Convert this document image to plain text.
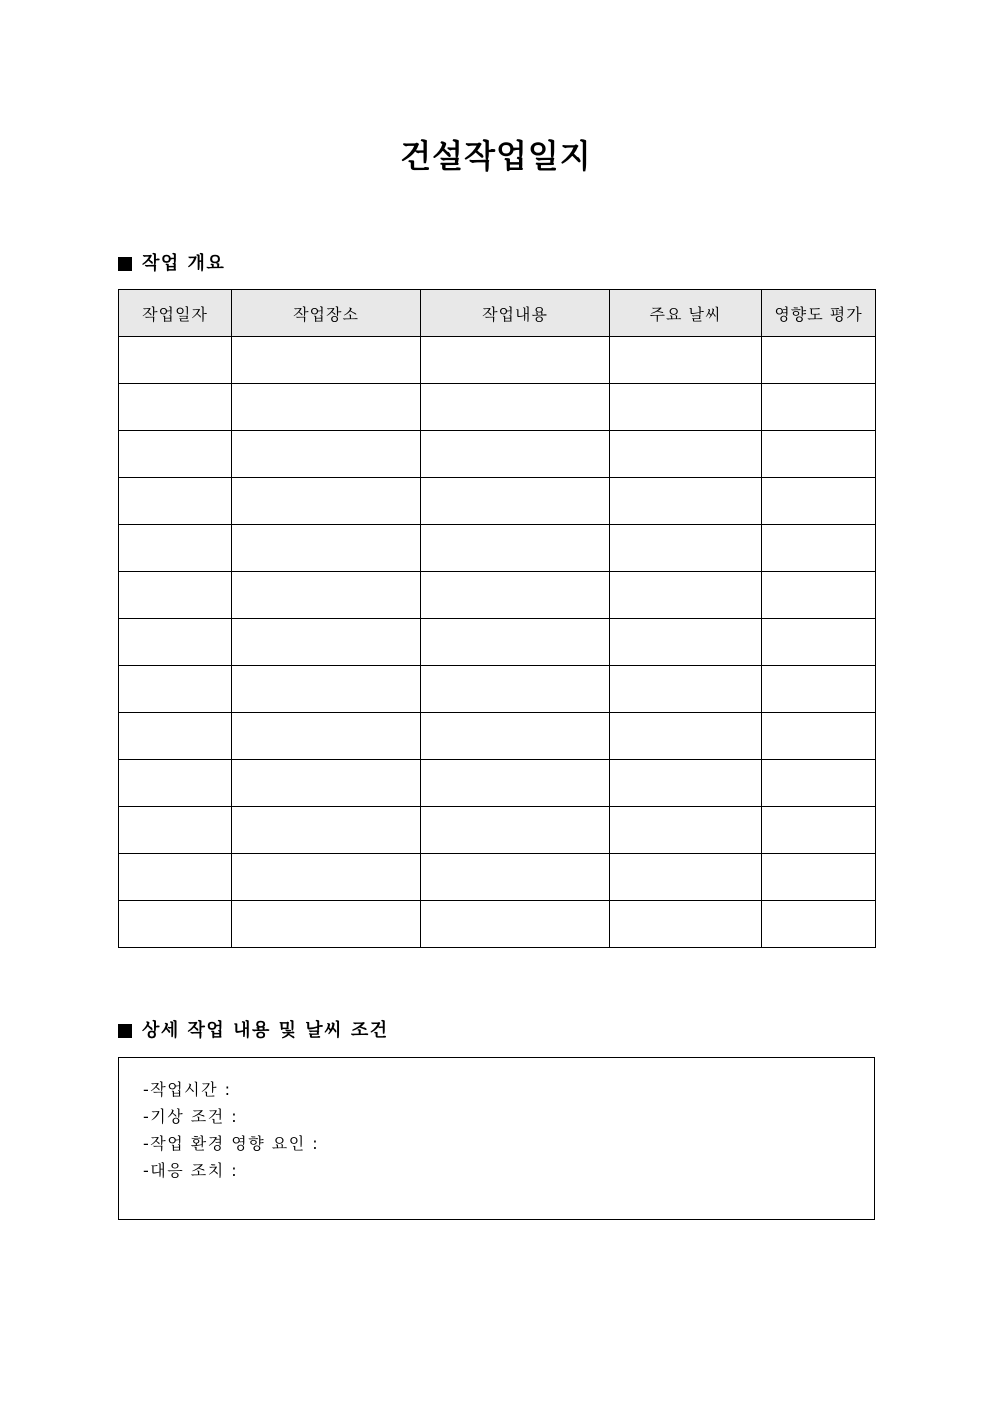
건설작업일지
작업 개요
작업일자	작업장소	작업내용	주요 날씨	영향도 평가

상세 작업 내용 및 날씨 조건
-작업시간 :
-기상 조건 :
-작업 환경 영향 요인 :
-대응 조치 :
